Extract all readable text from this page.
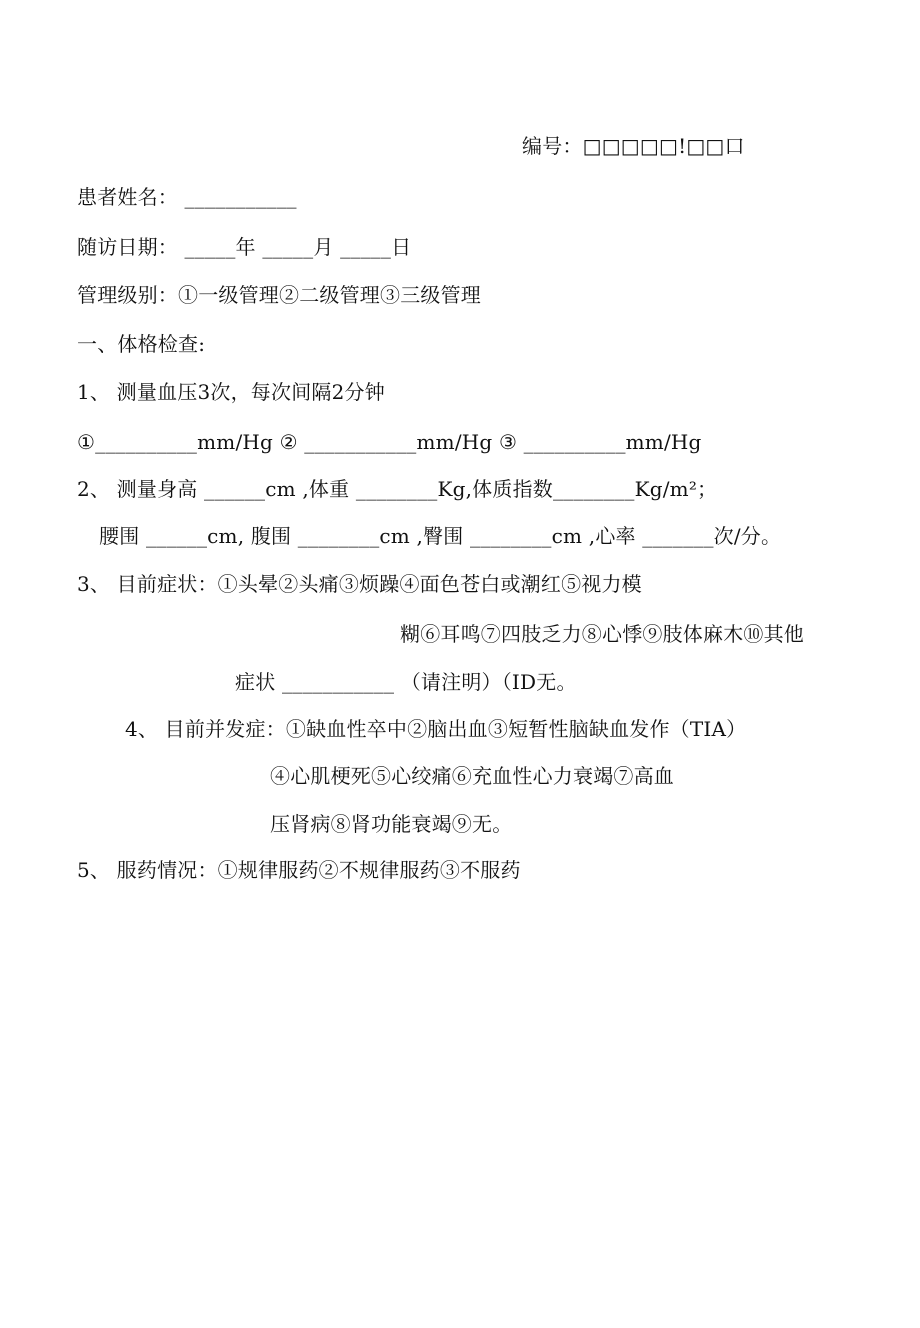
编号：□□□□□!□□口
患者姓名： ___________
随访日期： _____年 _____月 _____日
管理级别：①一级管理②二级管理③三级管理
一、体格检查:
1、 测量血压3次，每次间隔2分钟
①__________mm/Hg ② ___________mm/Hg ③ __________mm/Hg
2、 测量身高 ______cm ,体重 ________Kg,体质指数________Kg/m²；
腰围 ______cm, 腹围 ________cm ,臀围 ________cm ,心率 _______次/分。
3、 目前症状：①头晕②头痛③烦躁④面色苍白或潮红⑤视力模
糊⑥耳鸣⑦四肢乏力⑧心悸⑨肢体麻木⑩其他
症状 ___________ （请注明）（ID无。
4、 目前并发症：①缺血性卒中②脑出血③短暂性脑缺血发作（TIA）
④心肌梗死⑤心绞痛⑥充血性心力衰竭⑦高血
压肾病⑧肾功能衰竭⑨无。
5、 服药情况：①规律服药②不规律服药③不服药
